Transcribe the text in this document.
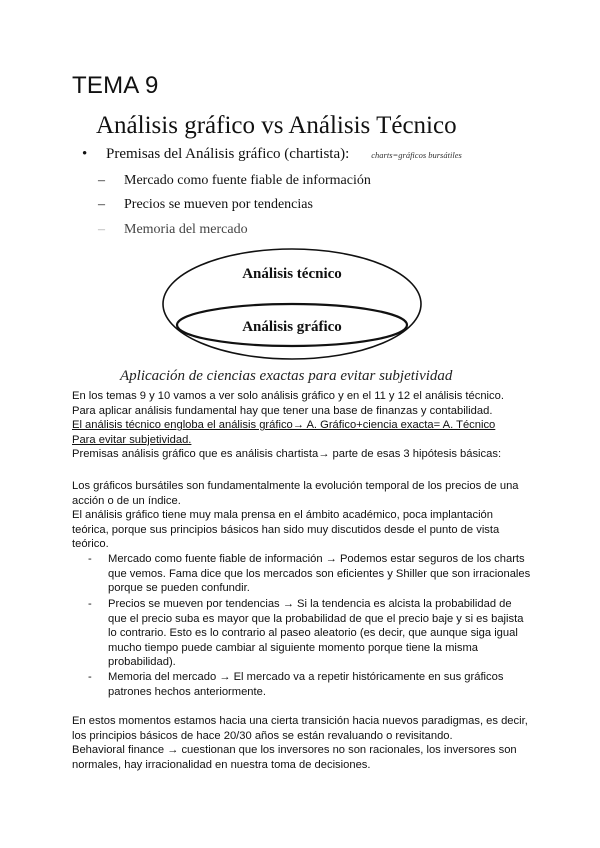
TEMA 9
Análisis gráfico vs Análisis Técnico
• Premisas del Análisis gráfico (chartista):	charts=gráficos bursátiles
– Mercado como fuente fiable de información
– Precios se mueven por tendencias
– Memoria del mercado
Análisis técnico
Análisis gráfico
Aplicación de ciencias exactas para evitar subjetividad
En los temas 9 y 10 vamos a ver solo análisis gráfico y en el 11 y 12 el análisis técnico.
Para aplicar análisis fundamental hay que tener una base de finanzas y contabilidad.
El análisis técnico engloba el análisis gráfico→ A. Gráfico+ciencia exacta= A. Técnico
Para evitar subjetividad.
Premisas análisis gráfico que es análisis chartista→ parte de esas 3 hipótesis básicas:
Los gráficos bursátiles son fundamentalmente la evolución temporal de los precios de una acción o de un índice.
El análisis gráfico tiene muy mala prensa en el ámbito académico, poca implantación teórica, porque sus principios básicos han sido muy discutidos desde el punto de vista teórico.
- Mercado como fuente fiable de información → Podemos estar seguros de los charts que vemos. Fama dice que los mercados son eficientes y Shiller que son irracionales porque se pueden confundir.
- Precios se mueven por tendencias → Si la tendencia es alcista la probabilidad de que el precio suba es mayor que la probabilidad de que el precio baje y si es bajista lo contrario. Esto es lo contrario al paseo aleatorio (es decir, que aunque siga igual mucho tiempo puede cambiar al siguiente momento porque tiene la misma probabilidad).
- Memoria del mercado → El mercado va a repetir históricamente en sus gráficos patrones hechos anteriormente.
En estos momentos estamos hacia una cierta transición hacia nuevos paradigmas, es decir, los principios básicos de hace 20/30 años se están revaluando o revisitando.
Behavioral finance → cuestionan que los inversores no son racionales, los inversores son normales, hay irracionalidad en nuestra toma de decisiones.
